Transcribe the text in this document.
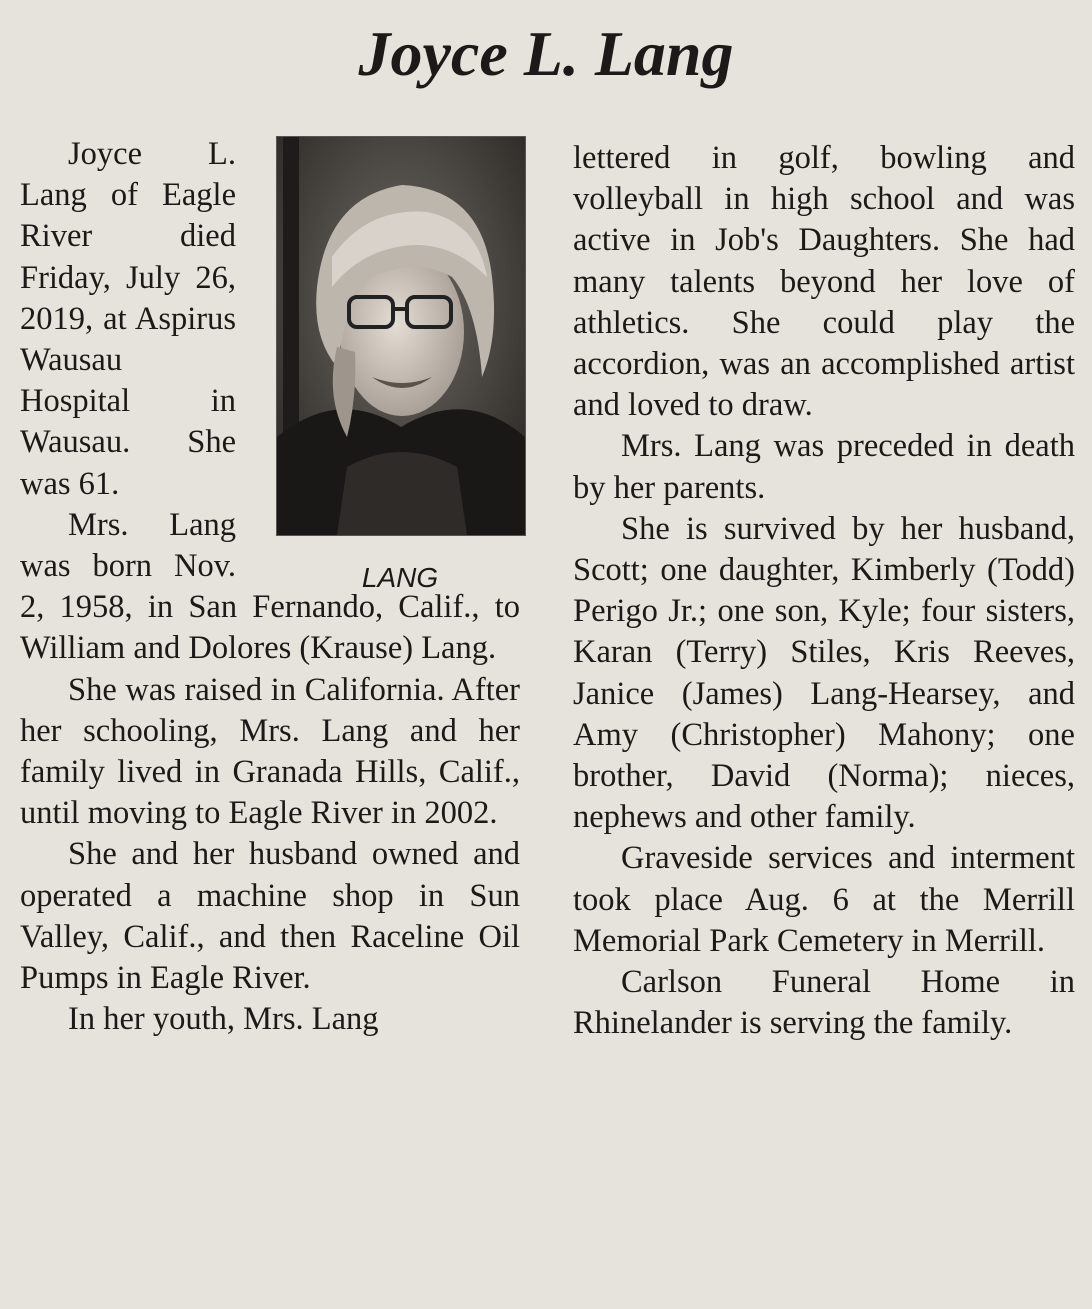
Joyce L. Lang

Joyce L. Lang of Eagle River died Friday, July 26, 2019, at Aspirus Wausau Hospital in Wausau. She was 61.

Mrs. Lang was born Nov. 2, 1958, in San Fernando, Calif., to William and Dolores (Krause) Lang.

She was raised in California. After her schooling, Mrs. Lang and her family lived in Granada Hills, Calif., until moving to Eagle River in 2002.

She and her husband owned and operated a machine shop in Sun Valley, Calif., and then Raceline Oil Pumps in Eagle River.

In her youth, Mrs. Lang

LANG

lettered in golf, bowling and volleyball in high school and was active in Job's Daughters. She had many talents beyond her love of athletics. She could play the accordion, was an accomplished artist and loved to draw.

Mrs. Lang was preceded in death by her parents.

She is survived by her husband, Scott; one daughter, Kimberly (Todd) Perigo Jr.; one son, Kyle; four sisters, Karan (Terry) Stiles, Kris Reeves, Janice (James) Lang-Hearsey, and Amy (Christopher) Mahony; one brother, David (Norma); nieces, nephews and other family.

Graveside services and interment took place Aug. 6 at the Merrill Memorial Park Cemetery in Merrill.

Carlson Funeral Home in Rhinelander is serving the family.
